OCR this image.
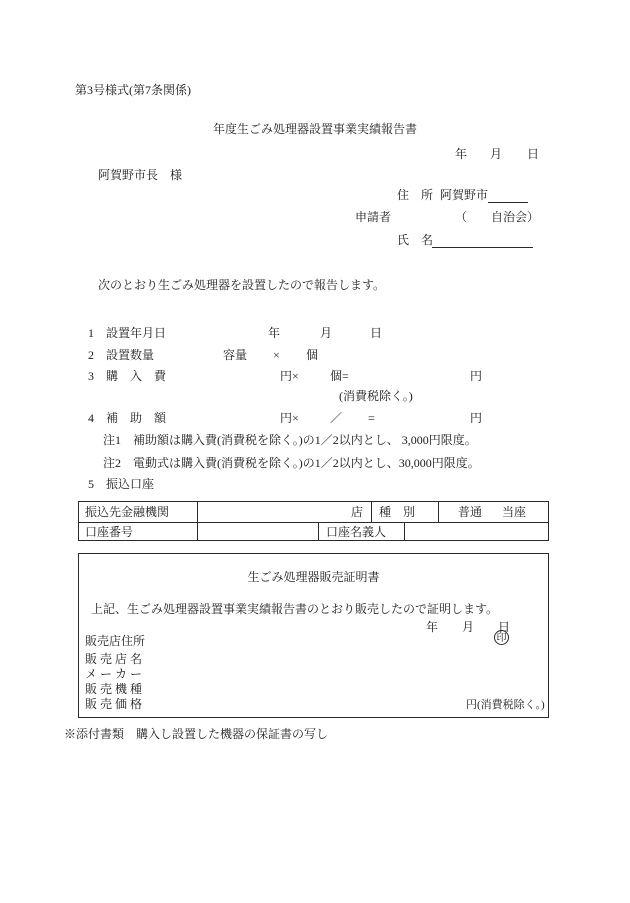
第3号様式(第7条関係)
年度生ごみ処理器設置事業実績報告書
年 月 日
阿賀野市長　様
住　所 阿賀野市
申請者	（　　自治会）
氏　名
次のとおり生ごみ処理器を設置したので報告します。
1 設置年月日	年	月	日
2 設置数量	容量 × 個
3 購　入　費	円×	個=	円
(消費税除く。)
4 補　助　額	円×	／ =	円
注1　補助額は購入費(消費税を除く。)の1／2以内とし、 3,000円限度。
注2　電動式は購入費(消費税を除く。)の1／2以内とし、30,000円限度。
5 振込口座
振込先金融機関	店 種　別	普通 当座
口座番号	口座名義人
生ごみ処理器販売証明書
上記、生ごみ処理器設置事業実績報告書のとおり販売したので証明します。
年 月 日
印
販売店住所
販 売 店 名
メ ー カ ー
販 売 機 種
販 売 価 格	円(消費税除く。)
※添付書類　購入し設置した機器の保証書の写し
